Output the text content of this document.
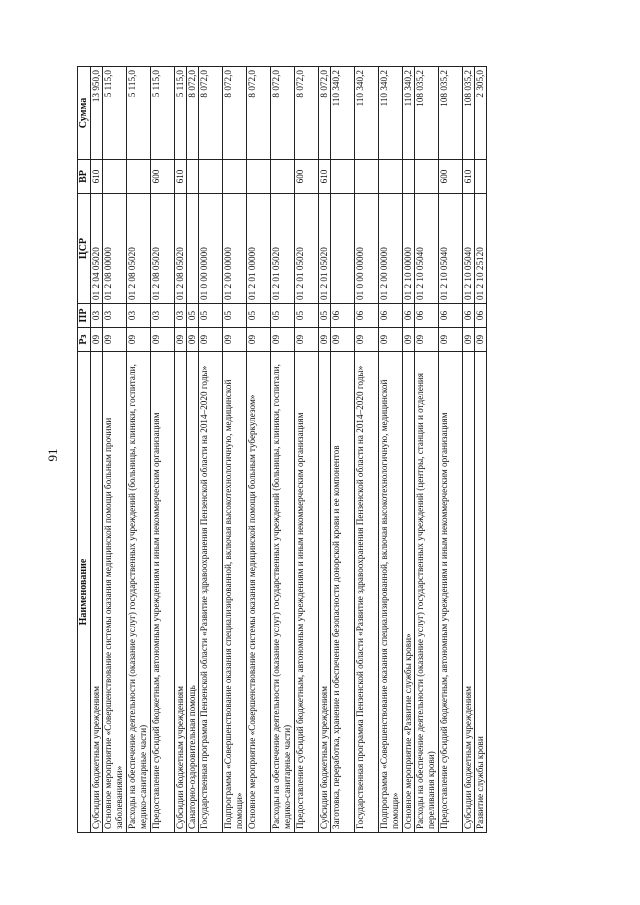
91
Наименование	Рз	ПР	ЦСР	ВР	Сумма
Субсидии бюджетным учреждениям	09	03	01 2 04 05020	610	13 950,0
Основное мероприятие «Совершенствование системы оказания медицинской помощи больным прочими заболеваниями»	09	03	01 2 08 00000		5 115,0
Расходы на обеспечение деятельности (оказание услуг) государственных учреждений (больницы, клиники, госпитали, медико-санитарные части)	09	03	01 2 08 05020		5 115,0
Предоставление субсидий бюджетным, автономным учреждениям и иным некоммерческим организациям	09	03	01 2 08 05020	600	5 115,0
Субсидии бюджетным учреждениям	09	03	01 2 08 05020	610	5 115,0
Санаторно-оздоровительная помощь	09	05			8 072,0
Государственная программа Пензенской области «Развитие здравоохранения Пензенской области на 2014–2020 годы»	09	05	01 0 00 00000		8 072,0
Подпрограмма «Совершенствование оказания специализированной, включая высокотехнологичную, медицинской помощи»	09	05	01 2 00 00000		8 072,0
Основное мероприятие «Совершенствование системы оказания медицинской помощи больным туберкулезом»	09	05	01 2 01 00000		8 072,0
Расходы на обеспечение деятельности (оказание услуг) государственных учреждений (больницы, клиники, госпитали, медико-санитарные части)	09	05	01 2 01 05020		8 072,0
Предоставление субсидий бюджетным, автономным учреждениям и иным некоммерческим организациям	09	05	01 2 01 05020	600	8 072,0
Субсидии бюджетным учреждениям	09	05	01 2 01 05020	610	8 072,0
Заготовка, переработка, хранение и обеспечение безопасности донорской крови и ее компонентов	09	06			110 340,2
Государственная программа Пензенской области «Развитие здравоохранения Пензенской области на 2014–2020 годы»	09	06	01 0 00 00000		110 340,2
Подпрограмма «Совершенствование оказания специализированной, включая высокотехнологичную, медицинской помощи»	09	06	01 2 00 00000		110 340,2
Основное мероприятие «Развитие службы крови»	09	06	01 2 10 00000		110 340,2
Расходы на обеспечение деятельности (оказание услуг) государственных учреждений (центры, станции и отделения переливания крови)	09	06	01 2 10 05040		108 035,2
Предоставление субсидий бюджетным, автономным учреждениям и иным некоммерческим организациям	09	06	01 2 10 05040	600	108 035,2
Субсидии бюджетным учреждениям	09	06	01 2 10 05040	610	108 035,2
Развитие службы крови	09	06	01 2 10 25120		2 305,0
